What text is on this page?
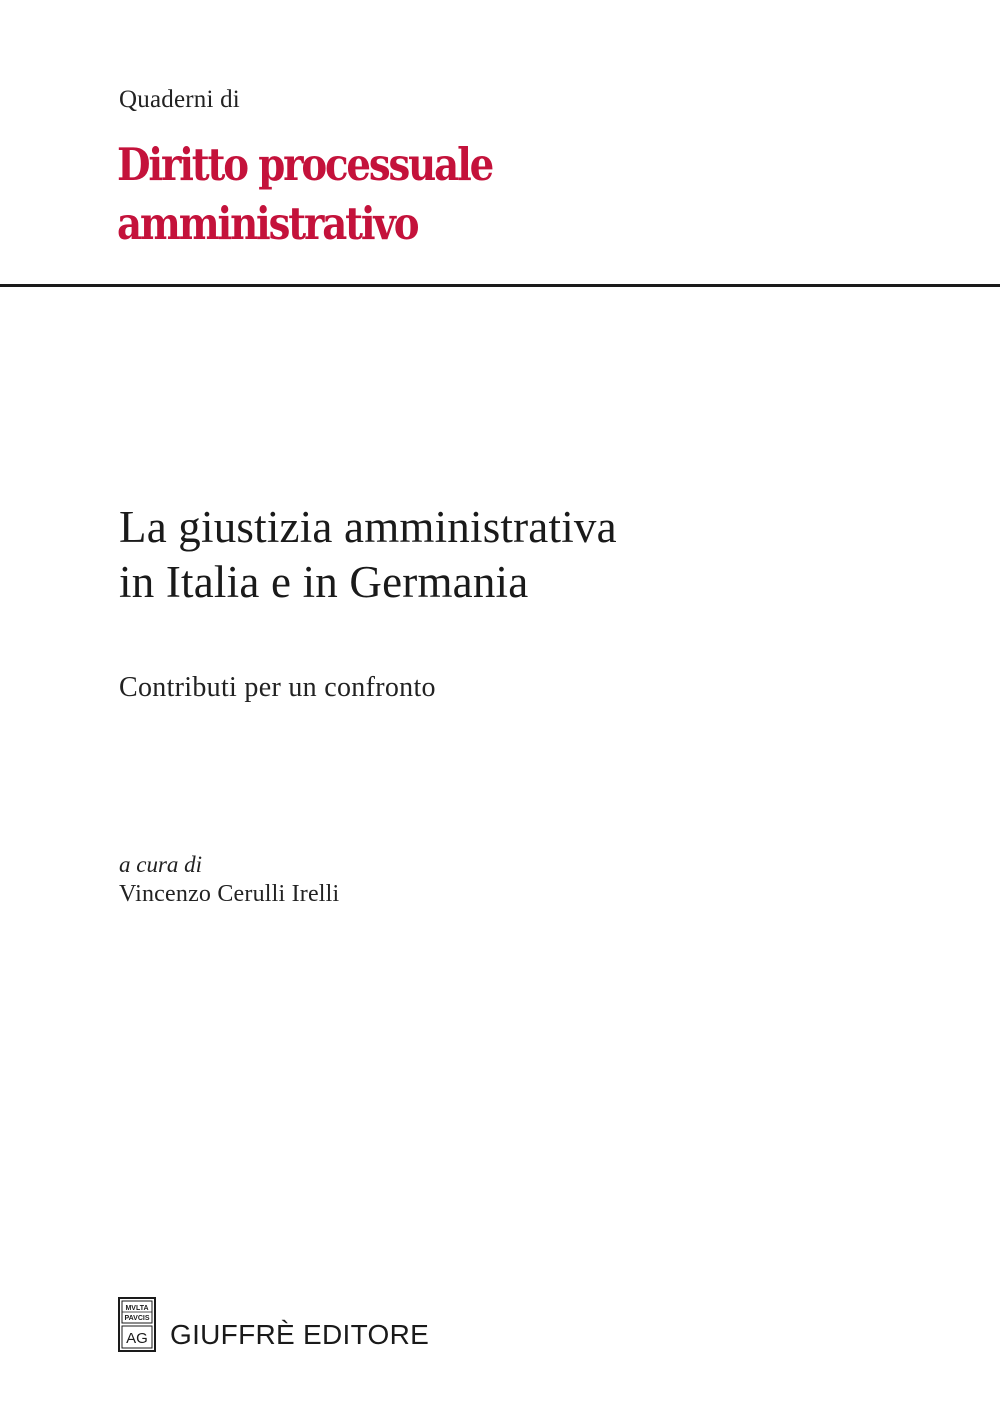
Quaderni di
Diritto processuale
amministrativo
La giustizia amministrativa
in Italia e in Germania
Contributi per un confronto
a cura di
Vincenzo Cerulli Irelli
MVLTA
PAVCIS
AG GIUFFRÈ EDITORE
